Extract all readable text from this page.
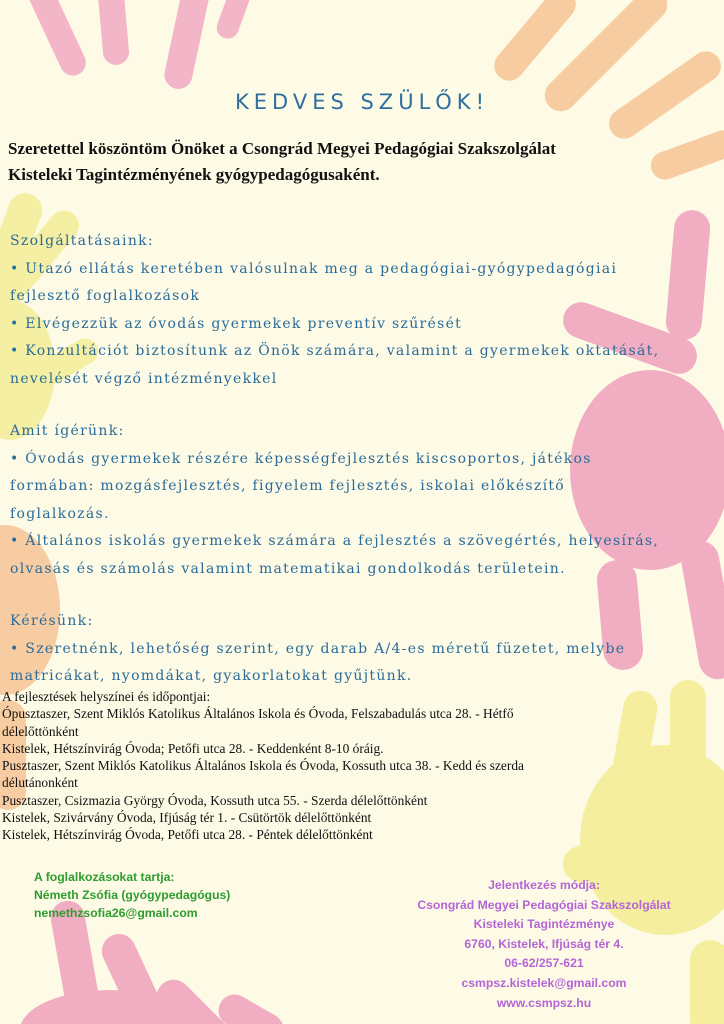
KEDVES SZÜLŐK!
Szeretettel köszöntöm Önöket a Csongrád Megyei Pedagógiai Szakszolgálat
Kisteleki Tagintézményének gyógypedagógusaként.

Szolgáltatásaink:

• Utazó ellátás keretében valósulnak meg a pedagógiai-gyógypedagógiai

fejlesztő foglalkozások

• Elvégezzük az óvodás gyermekek preventív szűrését

• Konzultációt biztosítunk az Önök számára, valamint a gyermekek oktatását,

nevelését végző intézményekkel

Amit ígérünk:

• Óvodás gyermekek részére képességfejlesztés kiscsoportos, játékos

formában: mozgásfejlesztés, figyelem fejlesztés, iskolai előkészítő

foglalkozás.

• Általános iskolás gyermekek számára a fejlesztés a szövegértés, helyesírás,

olvasás és számolás valamint matematikai gondolkodás területein.

Kérésünk:

• Szeretnénk, lehetőség szerint, egy darab A/4-es méretű füzetet, melybe

matricákat, nyomdákat, gyakorlatokat gyűjtünk.

A fejlesztések helyszínei és időpontjai:

Ópusztaszer, Szent Miklós Katolikus Általános Iskola és Óvoda, Felszabadulás utca 28. - Hétfő

délelőttönként

Kistelek, Hétszínvirág Óvoda; Petőfi utca 28. - Keddenként 8-10 óráig.

Pusztaszer, Szent Miklós Katolikus Általános Iskola és Óvoda, Kossuth utca 38. - Kedd és szerda

délutánonként

Pusztaszer, Csizmazia György Óvoda, Kossuth utca 55. - Szerda délelőttönként

Kistelek, Szivárvány Óvoda, Ifjúság tér 1. - Csütörtök délelőttönként

Kistelek, Hétszínvirág Óvoda, Petőfi utca 28. - Péntek délelőttönként

A foglalkozásokat tartja:

Németh Zsófia (gyógypedagógus)

nemethzsofia26@gmail.com

Jelentkezés módja:

Csongrád Megyei Pedagógiai Szakszolgálat

Kisteleki Tagintézménye

6760, Kistelek, Ifjúság tér 4.

06-62/257-621

csmpsz.kistelek@gmail.com

www.csmpsz.hu
